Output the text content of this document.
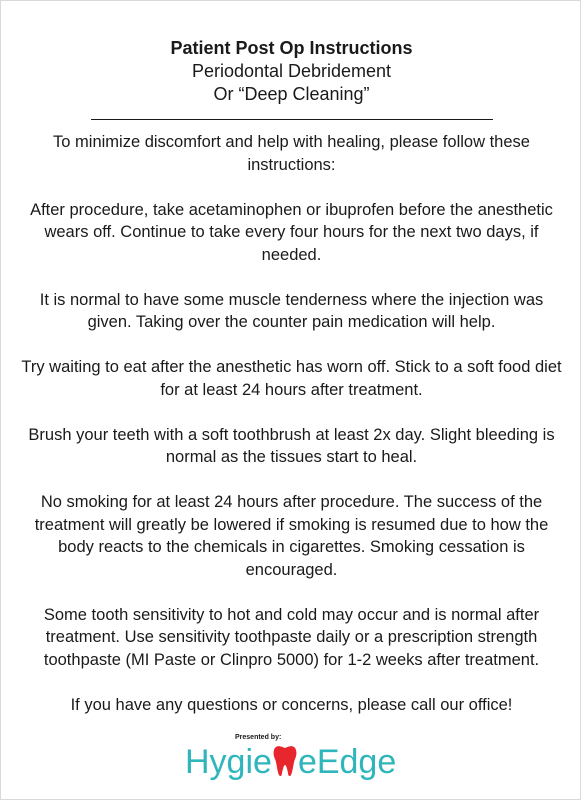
Patient Post Op Instructions

Periodontal Debridement

Or “Deep Cleaning”

To minimize discomfort and help with healing, please follow these instructions:

After procedure, take acetaminophen or ibuprofen before the anesthetic wears off. Continue to take every four hours for the next two days, if needed.

It is normal to have some muscle tenderness where the injection was given. Taking over the counter pain medication will help.

Try waiting to eat after the anesthetic has worn off. Stick to a soft food diet for at least 24 hours after treatment.

Brush your teeth with a soft toothbrush at least 2x day. Slight bleeding is normal as the tissues start to heal.

No smoking for at least 24 hours after procedure. The success of the treatment will greatly be lowered if smoking is resumed due to how the body reacts to the chemicals in cigarettes. Smoking cessation is encouraged.

Some tooth sensitivity to hot and cold may occur and is normal after treatment. Use sensitivity toothpaste daily or a prescription strength toothpaste (MI Paste or Clinpro 5000) for 1-2 weeks after treatment.

If you have any questions or concerns, please call our office!

Presented by:
Hygie eEdge
